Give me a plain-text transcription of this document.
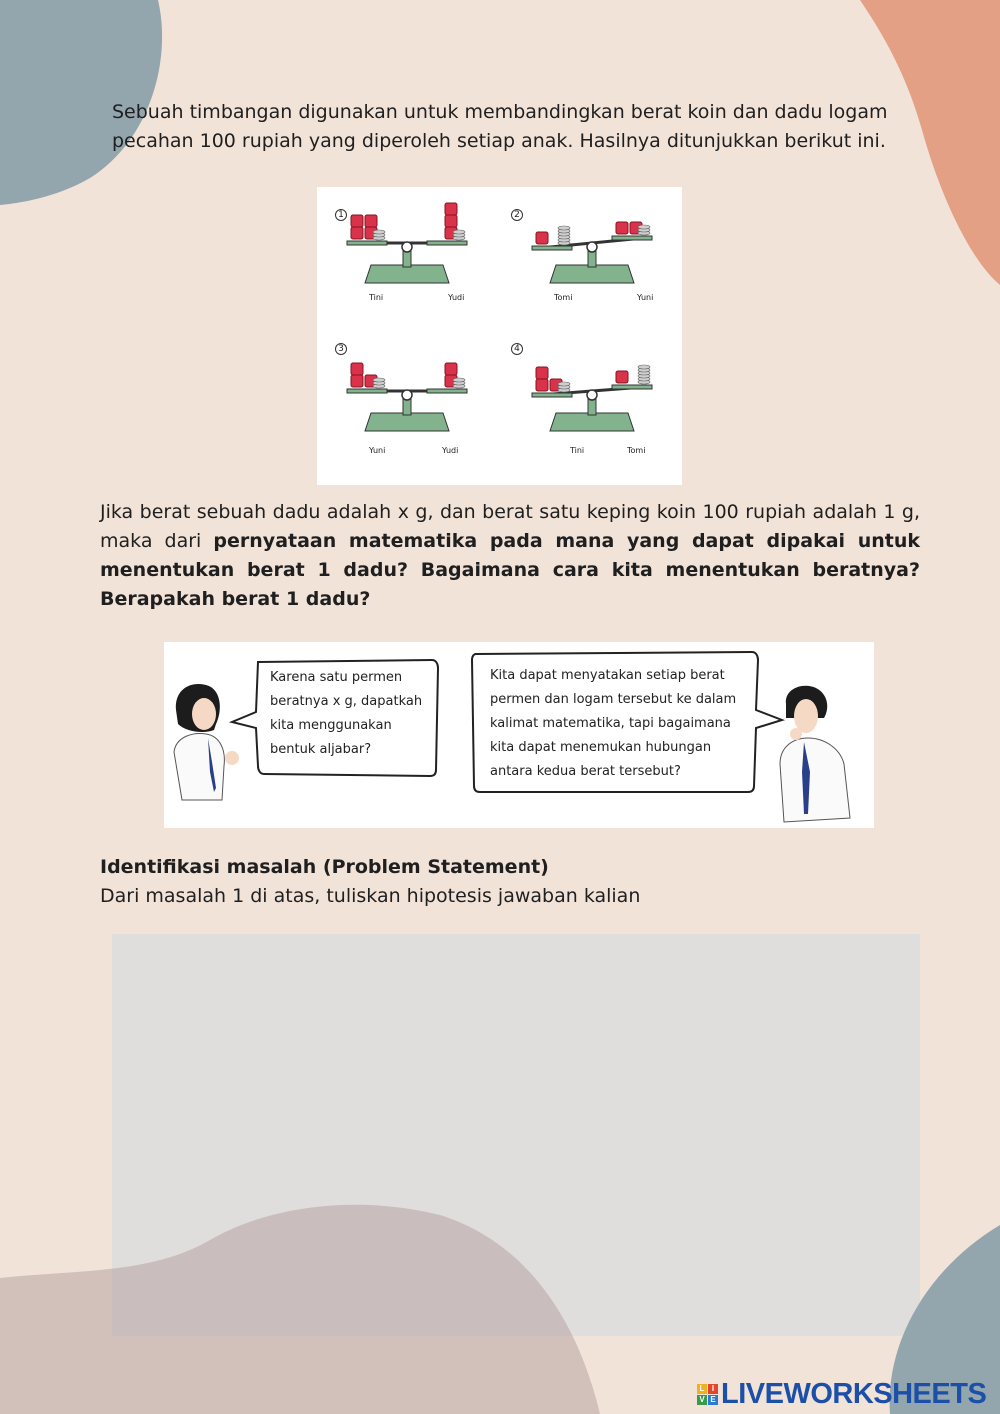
Sebuah timbangan digunakan untuk membandingkan berat koin dan dadu logam pecahan 100 rupiah yang diperoleh setiap anak. Hasilnya ditunjukkan berikut ini.

1	2
3	4
Tini	Yudi	Tomi	Yuni
Yuni	Yudi	Tini	Tomi

Jika berat sebuah dadu adalah x g, dan berat satu keping koin 100 rupiah adalah 1 g, maka dari pernyataan matematika pada mana yang dapat dipakai untuk menentukan berat 1 dadu? Bagaimana cara kita menentukan beratnya? Berapakah berat 1 dadu?

Karena satu permen
beratnya x g, dapatkah
kita menggunakan
bentuk aljabar?
Kita dapat menyatakan setiap berat
permen dan logam tersebut ke dalam
kalimat matematika, tapi bagaimana
kita dapat menemukan hubungan
antara kedua berat tersebut?
Identifikasi masalah (Problem Statement)
Dari masalah 1 di atas, tuliskan hipotesis jawaban kalian
L I
V E LIVEWORKSHEETS
